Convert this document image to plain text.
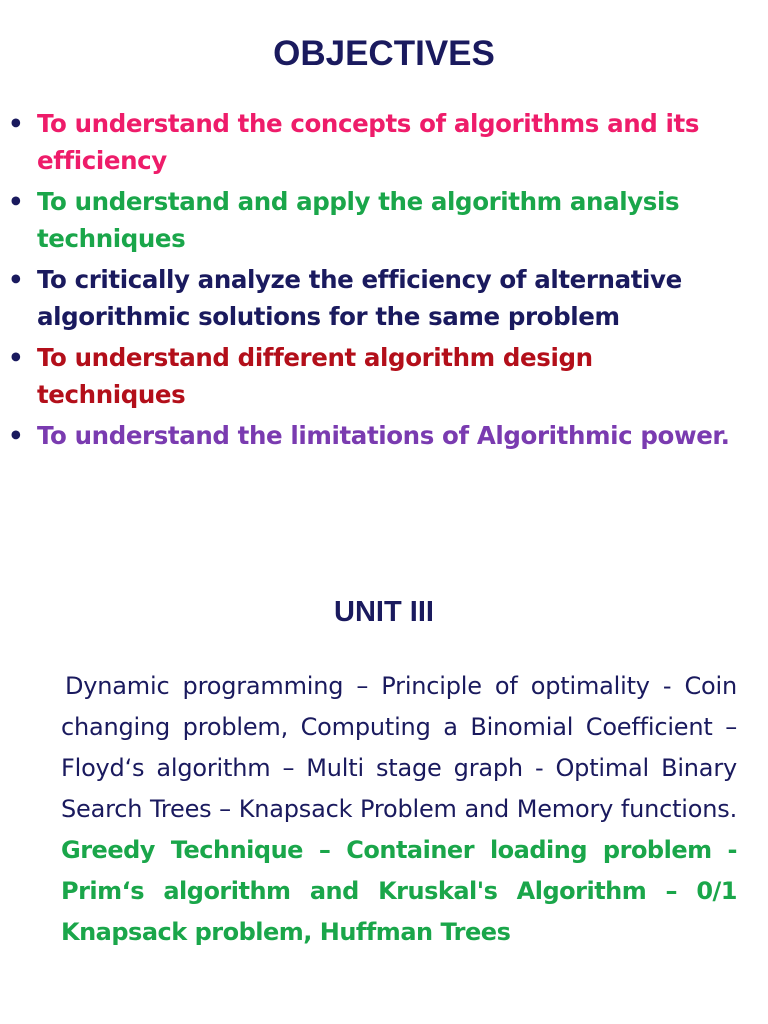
OBJECTIVES
• To understand the concepts of algorithms and its efficiency
• To understand and apply the algorithm analysis techniques
• To critically analyze the efficiency of alternative algorithmic solutions for the same problem
• To understand different algorithm design techniques
• To understand the limitations of Algorithmic power.
UNIT III

Dynamic programming – Principle of optimality - Coin changing problem, Computing a Binomial Coefficient – Floyd‘s algorithm – Multi stage graph - Optimal Binary Search Trees – Knapsack Problem and Memory functions. Greedy Technique – Container loading problem - Prim‘s algorithm and Kruskal's Algorithm – 0/1 Knapsack problem, Huffman Trees
